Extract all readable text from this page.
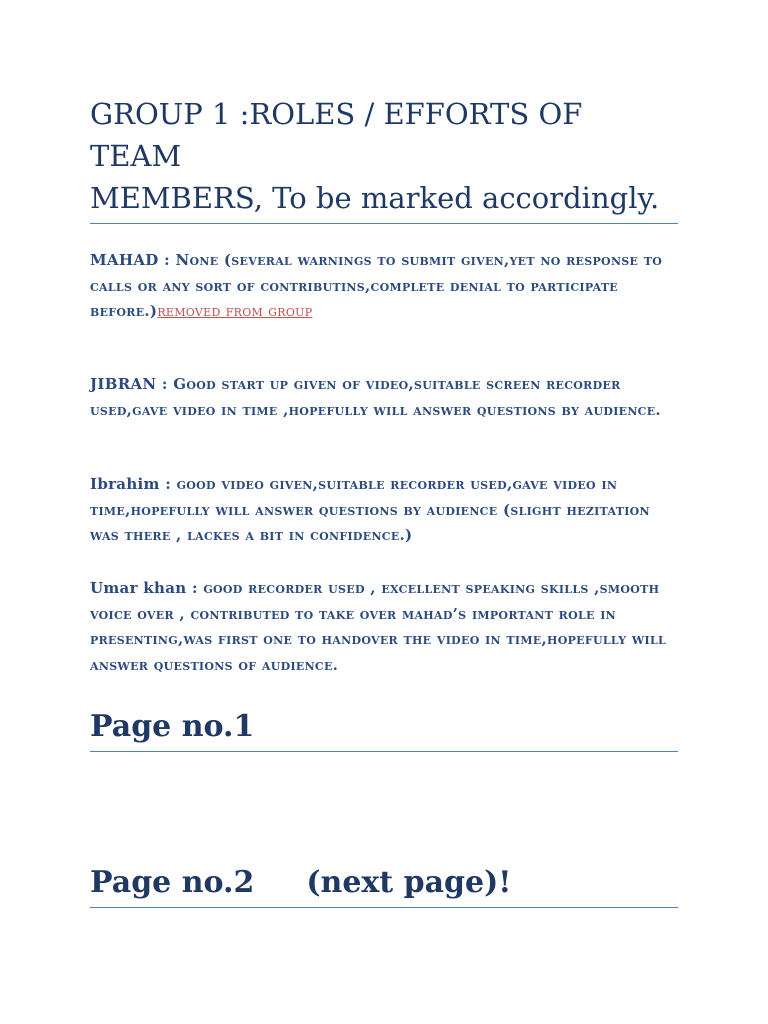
GROUP 1 :ROLES / EFFORTS OF TEAM
MEMBERS, To be marked accordingly.
MAHAD : None (several warnings to submit given,yet no response to calls or any sort of contributins,complete denial to participate before.)removed from group
JIBRAN : Good start up given of video,suitable screen recorder used,gave video in time ,hopefully will answer questions by audience.
Ibrahim : good video given,suitable recorder used,gave video in time,hopefully will answer questions by audience (slight hezitation was there , lackes a bit in confidence.)
Umar khan : good recorder used , excellent speaking skills ,smooth voice over , contributed to take over mahad’s important role in presenting,was first one to handover the video in time,hopefully will answer questions of audience.
Page no.1
Page no.2 (next page)!
